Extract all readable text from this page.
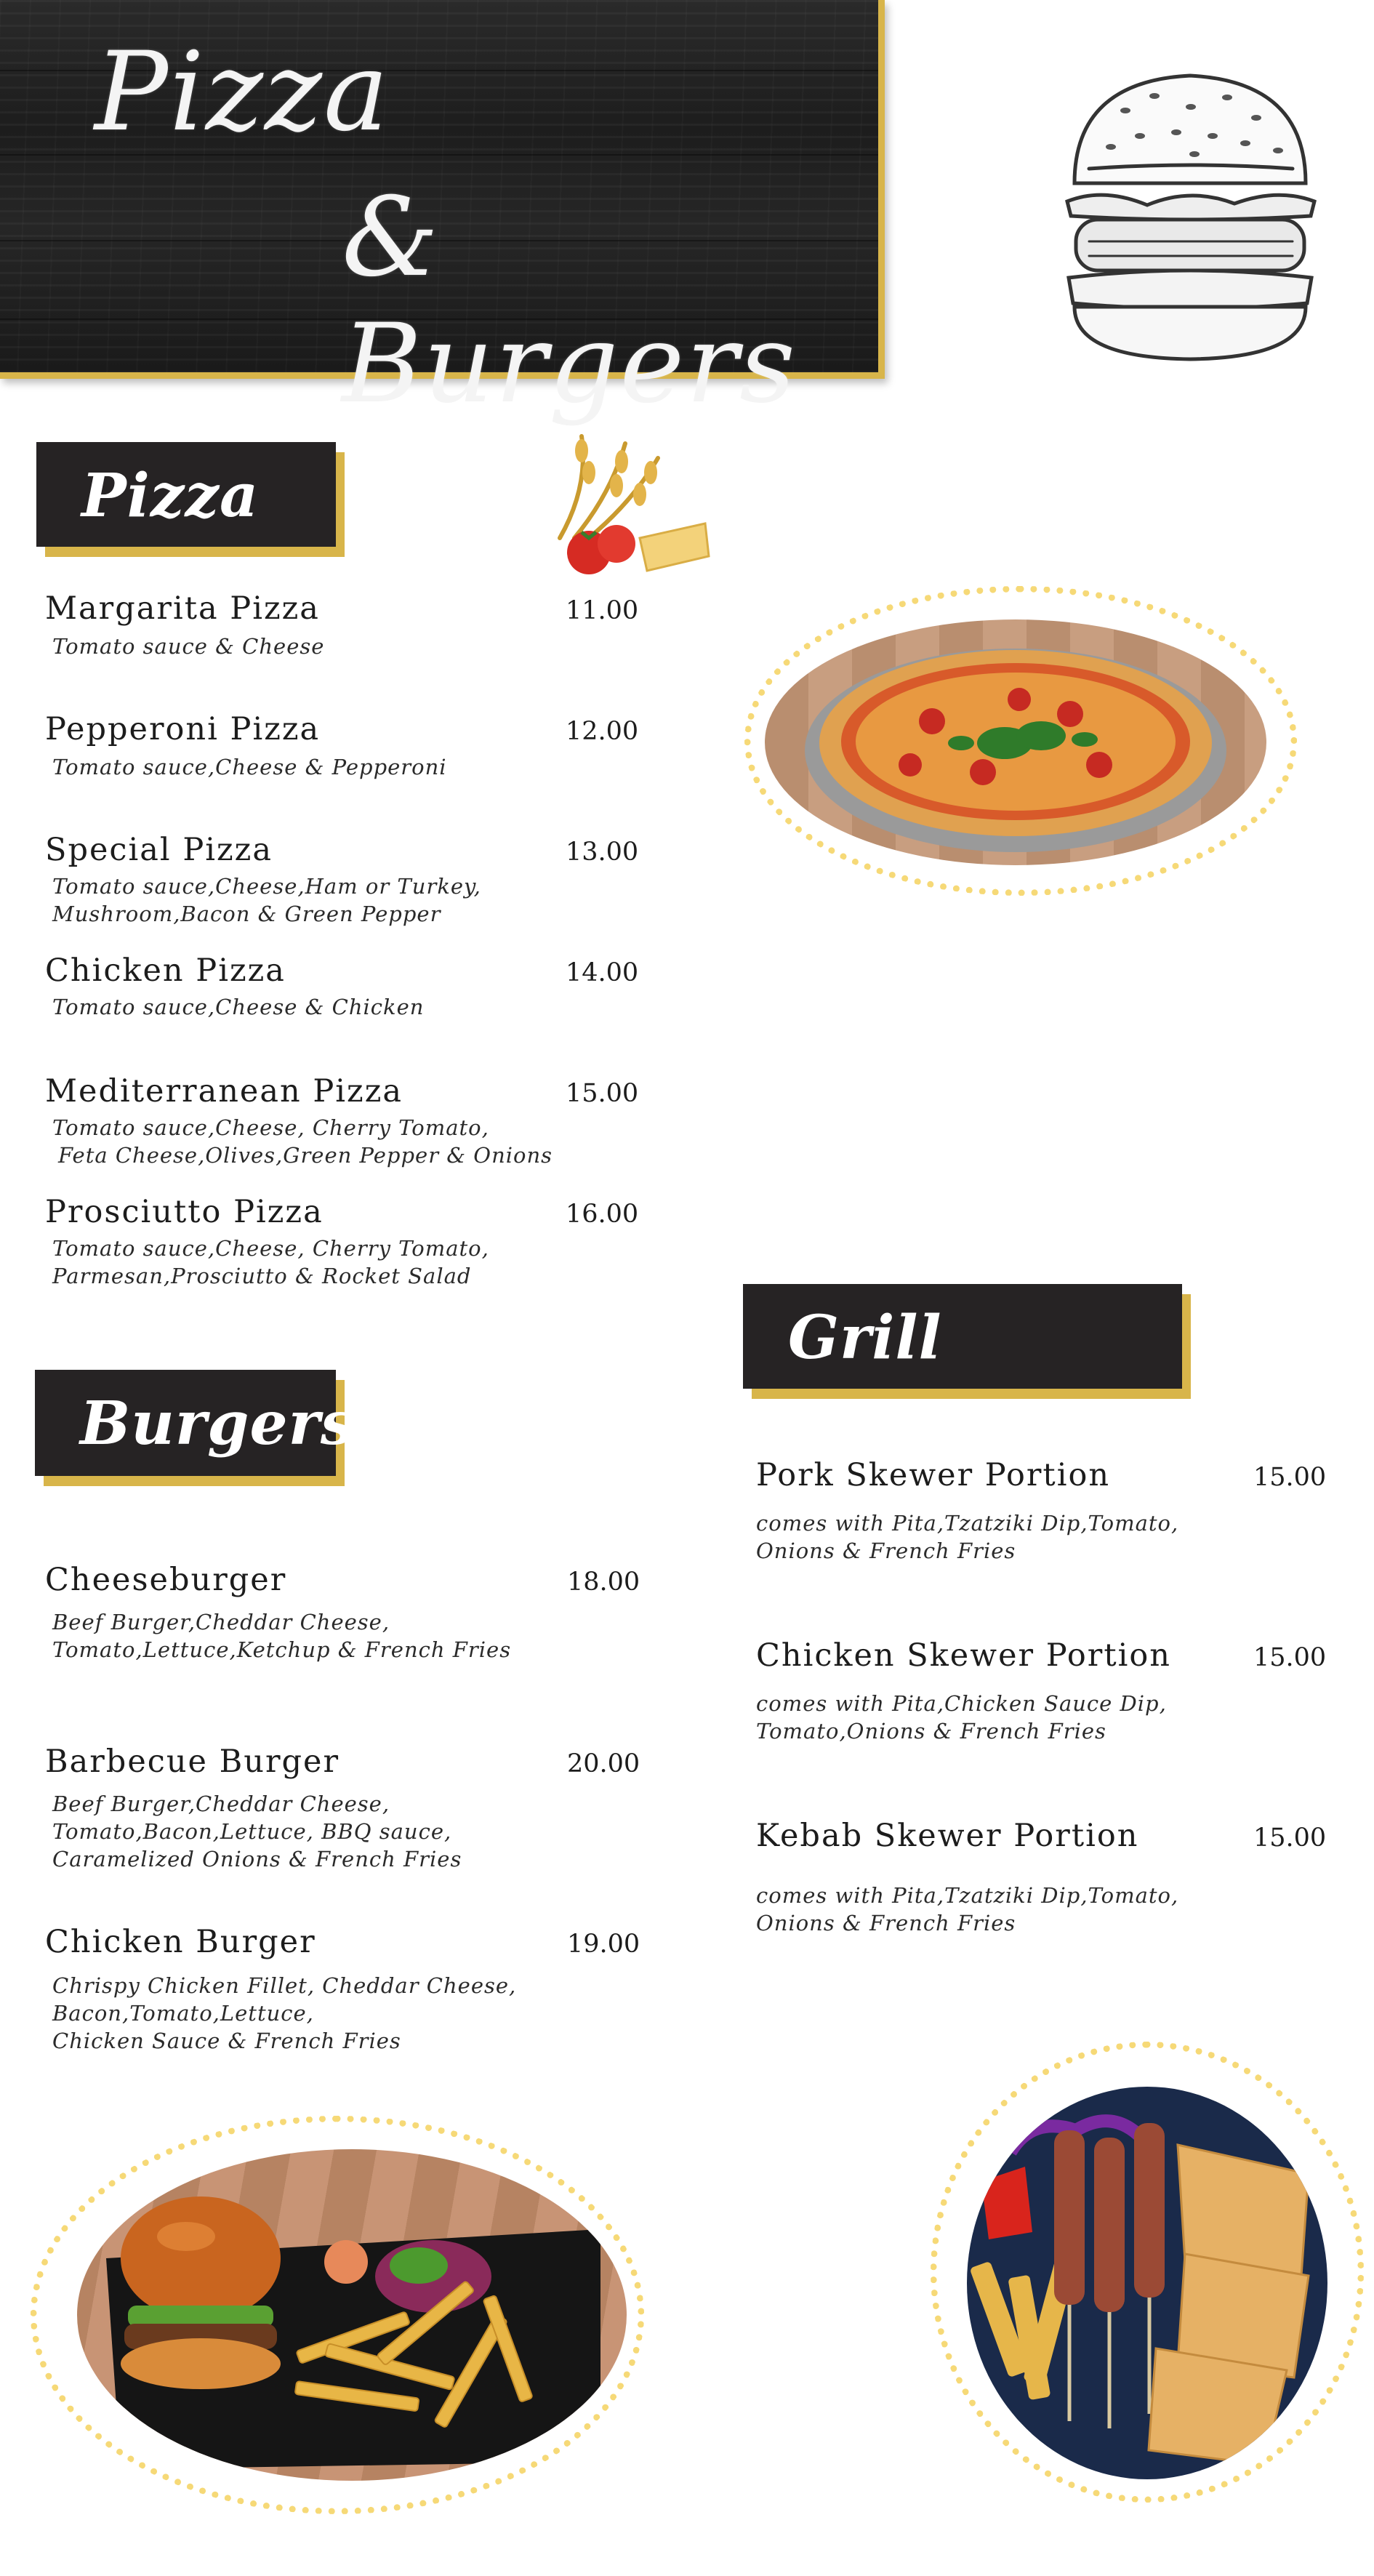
Pizza
& Burgers
Pizza
Margarita Pizza	11.00
Tomato sauce & Cheese
Pepperoni Pizza	12.00
Tomato sauce,Cheese & Pepperoni
Special Pizza	13.00
Tomato sauce,Cheese,Ham or Turkey,
Mushroom,Bacon & Green Pepper
Chicken Pizza	14.00
Tomato sauce,Cheese & Chicken
Mediterranean Pizza	15.00
Tomato sauce,Cheese, Cherry Tomato,
Feta Cheese,Olives,Green Pepper & Onions
Prosciutto Pizza	16.00
Tomato sauce,Cheese, Cherry Tomato,
Parmesan,Prosciutto & Rocket Salad
Grill
Burgers
Cheeseburger	18.00
Beef Burger,Cheddar Cheese,
Tomato,Lettuce,Ketchup & French Fries
Barbecue Burger	20.00
Beef Burger,Cheddar Cheese,
Tomato,Bacon,Lettuce, BBQ sauce,
Caramelized Onions & French Fries
Chicken Burger	19.00
Chrispy Chicken Fillet, Cheddar Cheese,
Bacon,Tomato,Lettuce,
Chicken Sauce & French Fries
Pork Skewer Portion	15.00
comes with Pita,Tzatziki Dip,Tomato,
Onions & French Fries
Chicken Skewer Portion	15.00
comes with Pita,Chicken Sauce Dip,
Tomato,Onions & French Fries
Kebab Skewer Portion	15.00
comes with Pita,Tzatziki Dip,Tomato,
Onions & French Fries
